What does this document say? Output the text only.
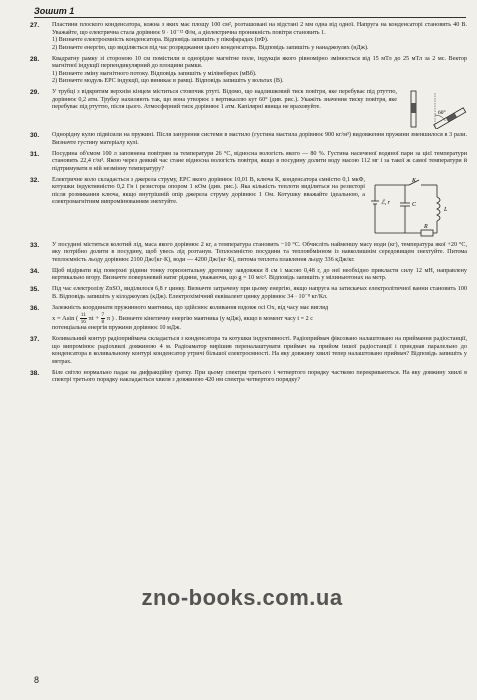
Зошит 1
27.	Пластини плоского конденсатора, кожна з яких має площу 100 см², розташовані на відстані 2 мм одна від одної. Напруга на конденсаторі становить 40 В. Уважайте, що електрична стала дорівнює 9 · 10⁻¹² Ф/м, а діелектрична проникність повітря становить 1.

1) Визначте електроємність конденсатора. Відповідь запишіть у пікофарадах (пФ).

2) Визначте енергію, що виділяється під час розряджання цього конденсатора. Відповідь запишіть у нанаджоулях (нДж).

28.	Квадратну рамку зі стороною 10 см помістили в однорідне магнітне поле, індукція якого рівномірно змінюється від 15 мТл до 25 мТл за 2 мс. Вектор магнітної індукції перпендикулярний до площини рамки.

1) Визначте зміну магнітного потоку. Відповідь запишіть у мілівеберах (мВб).

2) Визначте модуль ЕРС індукції, що виникає в рамці. Відповідь запишіть у вольтах (В).

29.	У трубці з відкритим верхнім кінцем міститься стовпчик ртуті. Відомо, що надлишковий тиск повітря, яке перебуває під ртуттю, дорівнює 0,2 атм. Трубку нахиляють так, що вона утворює з вертикаллю кут 60° (див. рис.). Укажіть значення тиску повітря, яке перебуває під ртуттю, після цього. Атмосферний тиск дорівнює 1 атм. Капілярні явища не враховуйте.

60°
30.	Однорідну кулю підвісили на пружині. Після занурення системи в мастило (густина мастила дорівнює 900 кг/м³) видовження пружини зменшилося в 3 рази. Визначте густину матеріалу кулі.

31.	Посудина об'ємом 100 л заповнена повітрям за температури 26 °С, відносна вологість якого — 80 %. Густина насиченої водяної пари за цієї температури становить 22,4 г/м³. Якою через деякий час стане відносна вологість повітря, якщо в посудину долити воду масою 112 мг і за такої ж самої температури й підтримувати в ній незмінну температуру?

32.	Електричне коло складається з джерела струму, ЕРС якого дорівнює 10,01 В, ключа К, конденсатора ємністю 0,1 мкФ, котушки індуктивністю 0,2 Гн і резистора опором 1 кОм (див. рис.). Яка кількість теплоти виділиться на резисторі після розмикання ключа, якщо внутрішній опір джерела струму дорівнює 1 Ом. Котушку вважайте ідеальною, а електромагнітним випромінюванням знехтуйте.

K
ℰ, r	C
L
R
33.	У посудині міститься колотий лід, маса якого дорівнює 2 кг, а температура становить −10 °С. Обчисліть найменшу масу води (кг), температура якої +20 °С, яку потрібно долити в посудину, щоб увесь лід розтанув. Теплоємністю посудини та тепловбмінном із навколишнім середовищем знехтуйте. Питома теплоємність льоду дорівнює 2100 Дж/(кг·К), води — 4200 Дж/(кг·К), питома теплота плавлення льоду 336 кДж/кг.

34.	Щоб відірвати від поверхні рідини тонку горизонтальну дротинку завдовжки 8 см і масою 0,48 г, до неї необхідно прикласти силу 12 мН, направлену вертикально вгору. Визначте поверхневий натяг рідини, уважаючи, що g = 10 м/с². Відповідь запишіть у мілиньютонах на метр.

35.	Під час електролізу ZnSO₄ виділилося 6,8 г цинку. Визначте затрачену при цьому енергію, якщо напруга на затискачах електролітичної ванни становить 100 В. Відповідь запишіть у кілоджоулях (кДж). Електрохімічний еквівалент цинку дорівнює 34 · 10⁻⁸ кг/Кл.

36.	Залежність координати пружинного маятника, що здійснює коливання вздовж осі Ox, від часу має вигляд

x = Asin ( $\frac{11}{16}$ $\pi t + \frac{7}{8}$ π ) . Визначте кінетичну енергію маятника (у мДж), якщо в момент часу t = 2 с

потенціальна енергія пружини дорівнює 10 мДж.

37.	Коливальний контур радіоприймача складається з конденсатора та котушки індуктивності. Радіоприймач фіксовано налаштовано на приймання радіостанції, що випромінює радіохвилі довжиною 4 м. Радіоаматор вирішив переналаштувати приймач на прийом іншої радіостанції і приєднав паралельно до конденсатора в коливальному контурі конденсатор утричі більшої електроємності. На яку довжину хвилі тепер налаштовано приймач? Відповідь запишіть у метрах.

38.	Біле світло нормально падає на дифракційну ґратку. При цьому спектри третього і четвертого порядку частково перекриваються. На яку довжину хвилі в спектрі третього порядку накладається хвиля з довжиною 420 нм спектра четвертого порядку?

zno-books.com.ua
8
